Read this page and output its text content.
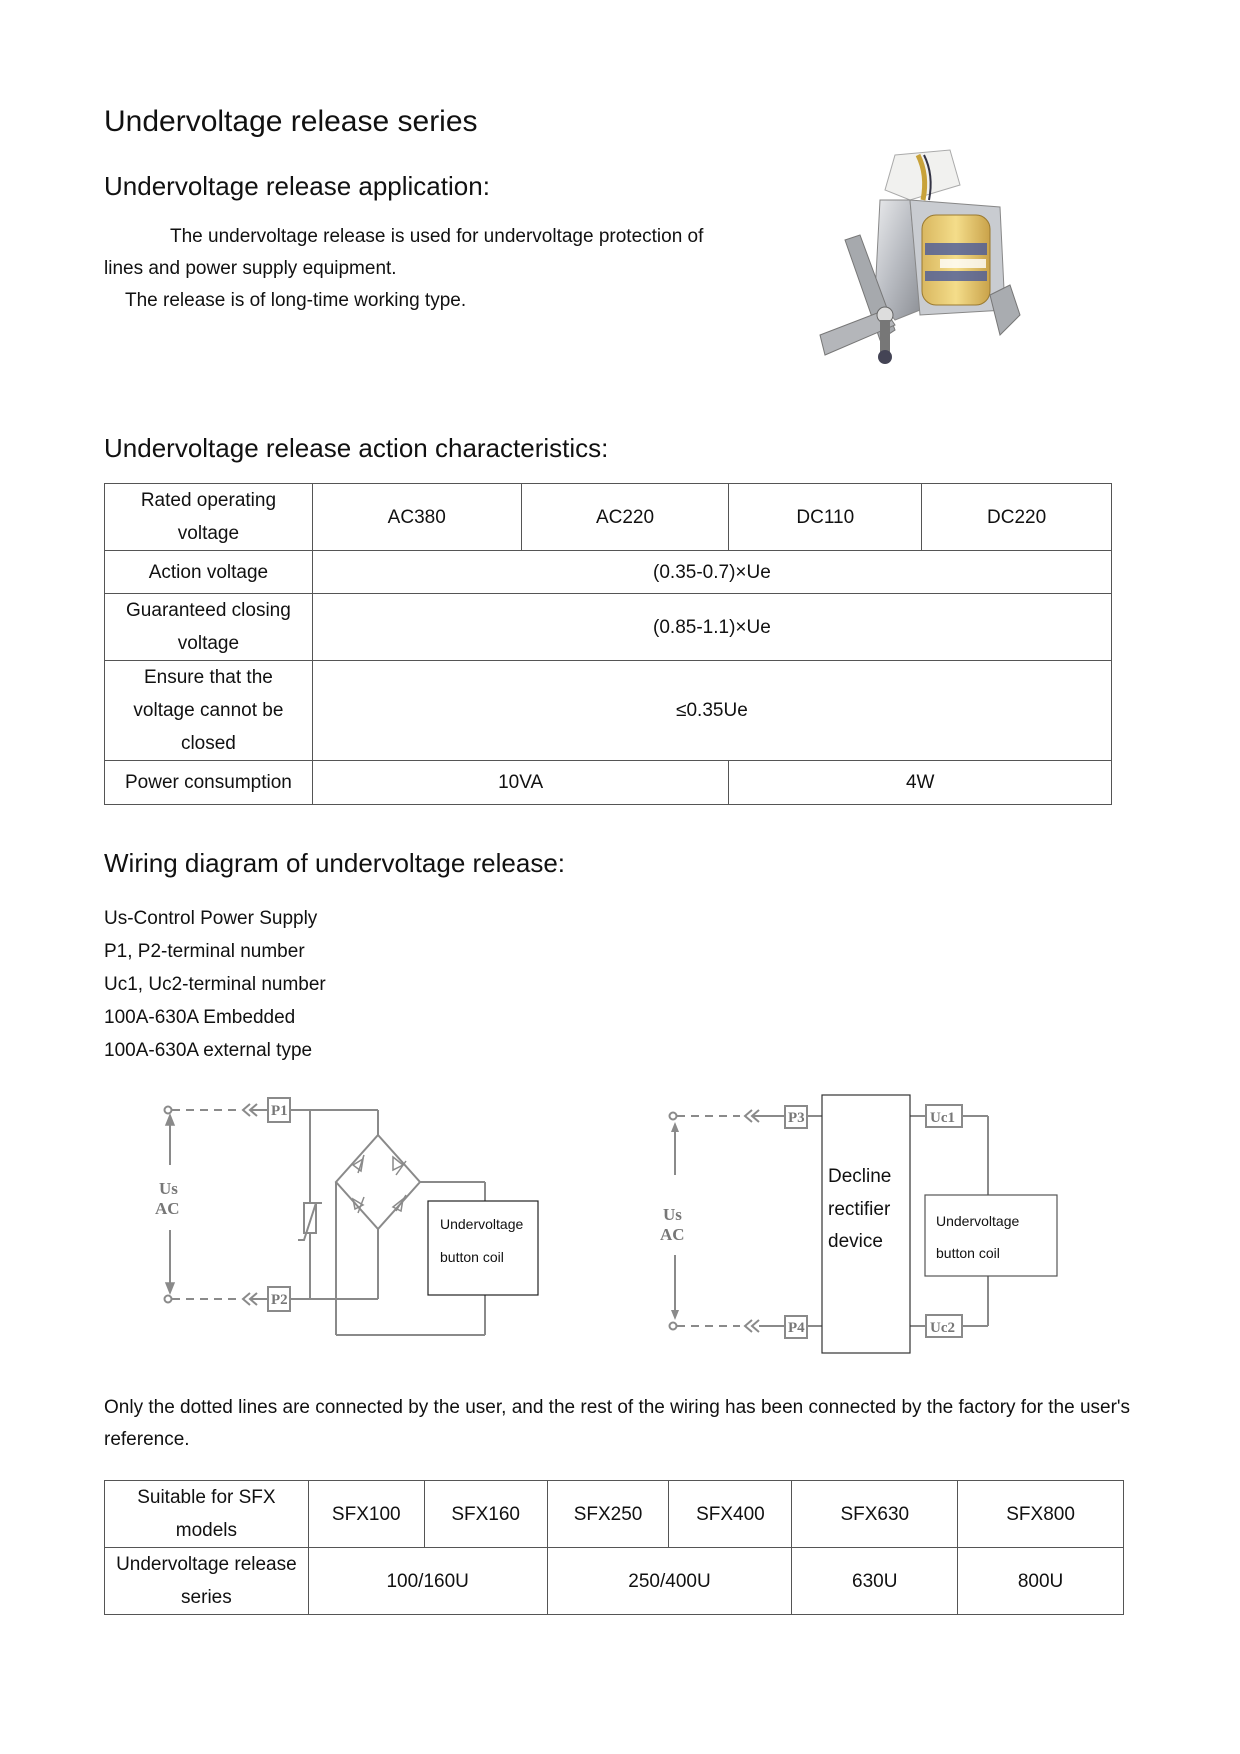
Undervoltage release series
Undervoltage release application:
The undervoltage release is used for undervoltage protection of
lines and power supply equipment.
The release is of long-time working type.
Undervoltage release action characteristics:
Rated operating voltage	AC380	AC220	DC110	DC220
Action voltage	(0.35-0.7)×Ue			
Guaranteed closing voltage	(0.85-1.1)×Ue			
Ensure that the voltage cannot be closed	≤0.35Ue			
Power consumption	10VA		4W	
Wiring diagram of undervoltage release:
Us-Control Power Supply
P1, P2-terminal number
Uc1, Uc2-terminal number
100A-630A Embedded
100A-630A external type
P1
P2
Us
AC
Undervoltage
button coil
P3
P4
Uc1
Uc2
Us
AC
Decline
rectifier
device
Undervoltage
button coil
Only the dotted lines are connected by the user, and the rest of the wiring has been connected by the factory for the user's reference.
Suitable for SFX models	SFX100	SFX160	SFX250	SFX400	SFX630	SFX800
Undervoltage release series	100/160U		250/400U		630U	800U
